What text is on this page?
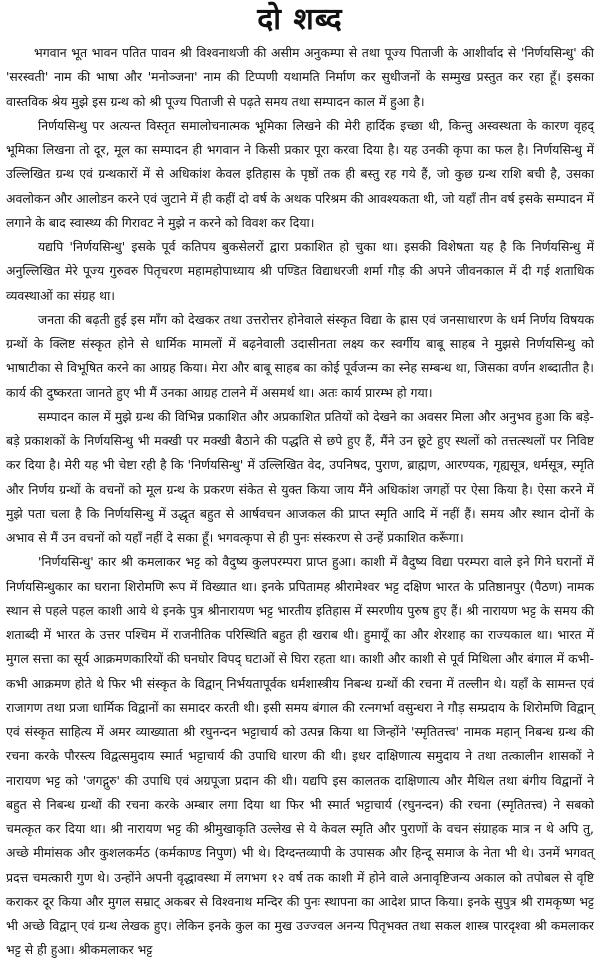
दो शब्द

भगवान भूत भावन पतित पावन श्री विश्वनाथजी की असीम अनुकम्पा से तथा पूज्य पिताजी के आशीर्वाद से 'निर्णयसिन्धु' की 'सरस्वती' नाम की भाषा और 'मनोञ्जना' नाम की टिप्पणी यथामति निर्माण कर सुधीजनों के सम्मुख प्रस्तुत कर रहा हूँ। इसका वास्तविक श्रेय मुझे इस ग्रन्थ को श्री पूज्य पिताजी से पढ़ते समय तथा सम्पादन काल में हुआ है।

निर्णयसिन्धु पर अत्यन्त विस्तृत समालोचनात्मक भूमिका लिखने की मेरी हार्दिक इच्छा थी, किन्तु अस्वस्थता के कारण वृहद् भूमिका लिखना तो दूर, मूल का सम्पादन ही भगवान ने किसी प्रकार पूरा करवा दिया है। यह उनकी कृपा का फल है। निर्णयसिन्धु में उल्लिखित ग्रन्थ एवं ग्रन्थकारों में से अधिकांश केवल इतिहास के पृष्ठों तक ही बस्तु रह गये हैं, जो कुछ ग्रन्थ राशि बची है, उसका अवलोकन और आलोडन करने एवं जुटाने में ही कहीं दो वर्ष के अथक परिश्रम की आवश्यकता थी, जो यहाँ तीन वर्ष इसके सम्पादन में लगाने के बाद स्वास्थ्य की गिरावट ने मुझे न करने को विवश कर दिया।

यद्यपि 'निर्णयसिन्धु' इसके पूर्व कतिपय बुकसेलरों द्वारा प्रकाशित हो चुका था। इसकी विशेषता यह है कि निर्णयसिन्धु में अनुल्लिखित मेरे पूज्य गुरुवरु पितृचरण महामहोपाध्याय श्री पण्डित विद्याधरजी शर्मा गौड़ की अपने जीवनकाल में दी गई शताधिक व्यवस्थाओं का संग्रह था।

जनता की बढ़ती हुई इस माँग को देखकर तथा उत्तरोत्तर होनेवाले संस्कृत विद्या के ह्रास एवं जनसाधारण के धर्म निर्णय विषयक ग्रन्थों के क्लिष्ट संस्कृत होने से धार्मिक मामलों में बढ़नेवाली उदासीनता लक्ष्य कर स्वर्गीय बाबू साहब ने मुझसे निर्णयसिन्धु को भाषाटीका से विभूषित करने का आग्रह किया। मेरा और बाबू साहब का कोई पूर्वजन्म का स्नेह सम्बन्ध था, जिसका वर्णन शब्दातीत है। कार्य की दुष्करता जानते हुए भी मैं उनका आग्रह टालने में असमर्थ था। अतः कार्य प्रारम्भ हो गया।

सम्पादन काल में मुझे ग्रन्थ की विभिन्न प्रकाशित और अप्रकाशित प्रतियों को देखने का अवसर मिला और अनुभव हुआ कि बड़े-बड़े प्रकाशकों के निर्णयसिन्धु भी मक्खी पर मक्खी बैठाने की पद्धति से छपे हुए हैं, मैंने उन छूटे हुए स्थलों को तत्तत्स्थलों पर निविष्ट कर दिया है। मेरी यह भी चेष्टा रही है कि 'निर्णयसिन्धु' में उल्लिखित वेद, उपनिषद, पुराण, ब्राह्मण, आरण्यक, गृह्यसूत्र, धर्मसूत्र, स्मृति और निर्णय ग्रन्थों के वचनों को मूल ग्रन्थ के प्रकरण संकेत से युक्त किया जाय मैंने अधिकांश जगहों पर ऐसा किया है। ऐसा करने में मुझे पता चला है कि निर्णयसिन्धु में उद्धृत बहुत से आर्षवचन आजकल की प्राप्त स्मृति आदि में नहीं हैं। समय और स्थान दोनों के अभाव से मैं उन वचनों को यहाँ नहीं दे सका हूँ। भगवत्कृपा से ही पुनः संस्करण से उन्हें प्रकाशित करूँगा।

'निर्णयसिन्धु' कार श्री कमलाकर भट्ट को वैदुष्य कुलपरम्परा प्राप्त हुआ। काशी में वैदुष्य विद्या परम्परा वाले इने गिने घरानों में निर्णयसिन्धुकार का घराना शिरोमणि रूप में विख्यात था। इनके प्रपितामह श्रीरामेश्वर भट्ट दक्षिण भारत के प्रतिष्ठानपुर (पैठण) नामक स्थान से पहले पहल काशी आये थे इनके पुत्र श्रीनारायण भट्ट भारतीय इतिहास में स्मरणीय पुरुष हुए हैं। श्री नारायण भट्ट के समय की शताब्दी में भारत के उत्तर पश्चिम में राजनीतिक परिस्थिति बहुत ही खराब थी। हुमायूँ का और शेरशाह का राज्यकाल था। भारत में मुगल सत्ता का सूर्य आक्रमणकारियों की घनघोर विपद् घटाओं से घिरा रहता था। काशी और काशी से पूर्व मिथिला और बंगाल में कभी-कभी आक्रमण होते थे फिर भी संस्कृत के विद्वान् निर्भयतापूर्वक धर्मशास्त्रीय निबन्ध ग्रन्थों की रचना में तल्लीन थे। यहाँ के सामन्त एवं राजागण तथा प्रजा धार्मिक विद्वानों का समादर करती थी। इसी समय बंगाल की रत्नगर्भा वसुन्धरा ने गौड़ सम्प्रदाय के शिरोमणि विद्वान् एवं संस्कृत साहित्य में अमर व्याख्याता श्री रघुनन्दन भट्टाचार्य को उत्पन्न किया था जिन्होंने 'स्मृतितत्त्व' नामक महान् निबन्ध ग्रन्थ की रचना करके पौरस्त्य विद्वत्समुदाय स्मार्त भट्टाचार्य की उपाधि धारण की थी। इधर दाक्षिणात्य समुदाय ने तथा तत्कालीन शासकों ने नारायण भट्ट को 'जगद्गुरु' की उपाधि एवं अग्रपूजा प्रदान की थी। यद्यपि इस कालतक दाक्षिणात्य और मैथिल तथा बंगीय विद्वानों ने बहुत से निबन्ध ग्रन्थों की रचना करके अम्बार लगा दिया था फिर भी स्मार्त भट्टाचार्य (रघुनन्दन) की रचना (स्मृतितत्त्व) ने सबको चमत्कृत कर दिया था। श्री नारायण भट्ट की श्रीमुखाकृति उल्लेख से ये केवल स्मृति और पुराणों के वचन संग्राहक मात्र न थे अपि तु, अच्छे मीमांसक और कुशलकर्मठ (कर्मकाण्ड निपुण) भी थे। दिग्दन्तव्यापी के उपासक और हिन्दू समाज के नेता भी थे। उनमें भगवत् प्रदत्त चमत्कारी गुण थे। उन्होंने अपनी वृद्धावस्था में लगभग १२ वर्ष तक काशी में होने वाले अनावृष्टिजन्य अकाल को तपोबल से वृष्टि कराकर दूर किया और मुगल सम्राट् अकबर से विश्वनाथ मन्दिर की पुनः स्थापना का आदेश प्राप्त किया। इनके सुपुत्र श्री रामकृष्ण भट्ट भी अच्छे विद्वान् एवं ग्रन्थ लेखक हुए। लेकिन इनके कुल का मुख उज्ज्वल अनन्य पितृभक्त तथा सकल शास्त्र पारदृश्वा श्री कमलाकर भट्ट से ही हुआ। श्रीकमलाकर भट्ट
